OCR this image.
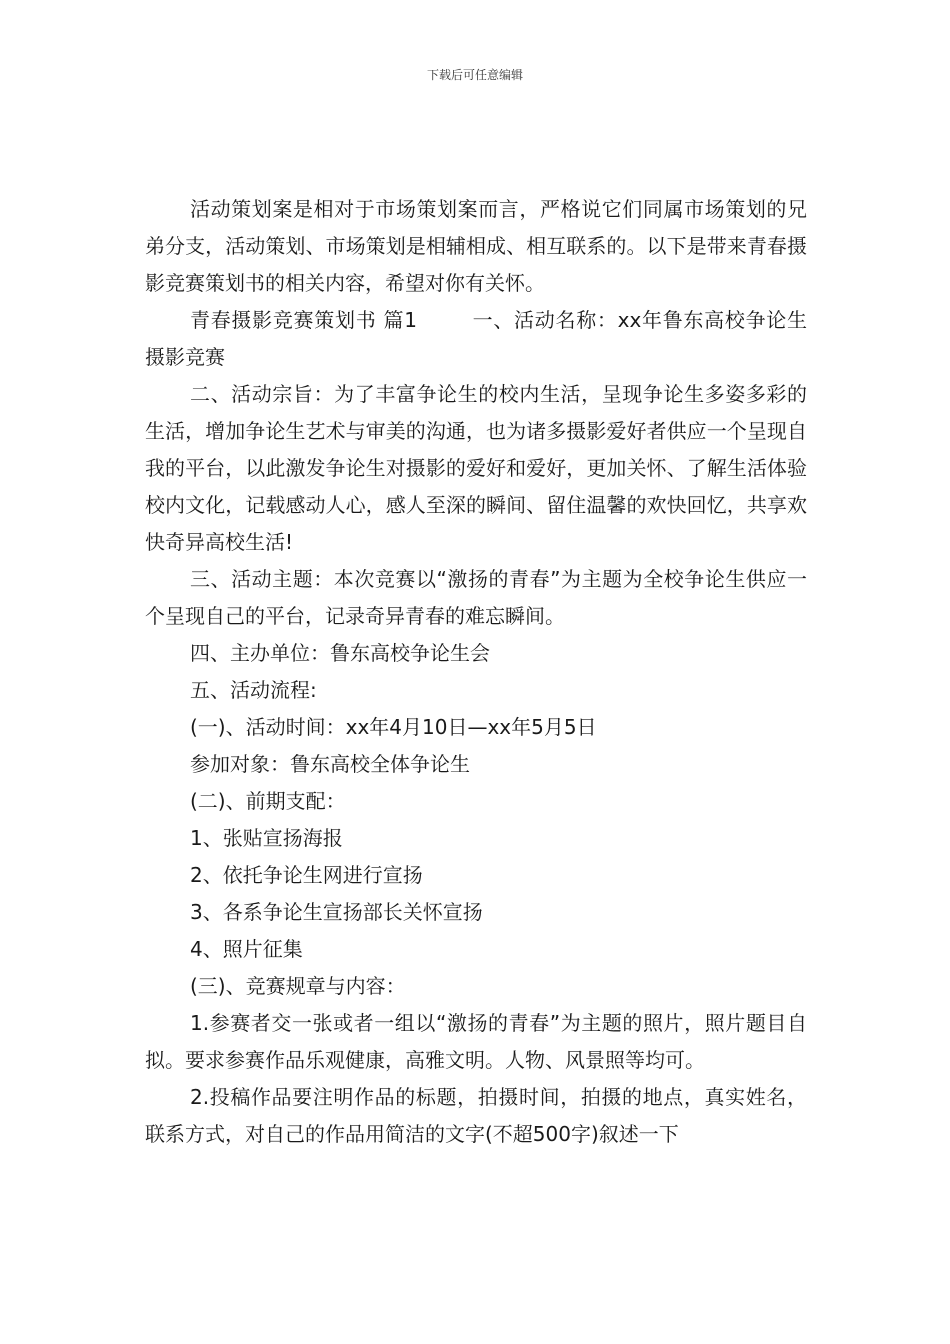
下载后可任意编辑

活动策划案是相对于市场策划案而言，严格说它们同属市场策划的兄弟分支，活动策划、市场策划是相辅相成、相互联系的。以下是带来青春摄影竞赛策划书的相关内容，希望对你有关怀。

青春摄影竞赛策划书 篇1	一、活动名称：xx年鲁东高校争论生摄影竞赛

二、活动宗旨：为了丰富争论生的校内生活，呈现争论生多姿多彩的生活，增加争论生艺术与审美的沟通，也为诸多摄影爱好者供应一个呈现自我的平台，以此激发争论生对摄影的爱好和爱好，更加关怀、了解生活体验校内文化，记载感动人心，感人至深的瞬间、留住温馨的欢快回忆，共享欢快奇异高校生活!

三、活动主题：本次竞赛以“激扬的青春”为主题为全校争论生供应一个呈现自己的平台，记录奇异青春的难忘瞬间。

四、主办单位：鲁东高校争论生会

五、活动流程:

(一)、活动时间：xx年4月10日—xx年5月5日

参加对象：鲁东高校全体争论生

(二)、前期支配：

1、张贴宣扬海报

2、依托争论生网进行宣扬

3、各系争论生宣扬部长关怀宣扬

4、照片征集

(三)、竞赛规章与内容：

1.参赛者交一张或者一组以“激扬的青春”为主题的照片，照片题目自拟。要求参赛作品乐观健康，高雅文明。人物、风景照等均可。

2.投稿作品要注明作品的标题，拍摄时间，拍摄的地点，真实姓名，联系方式，对自己的作品用简洁的文字(不超500字)叙述一下
